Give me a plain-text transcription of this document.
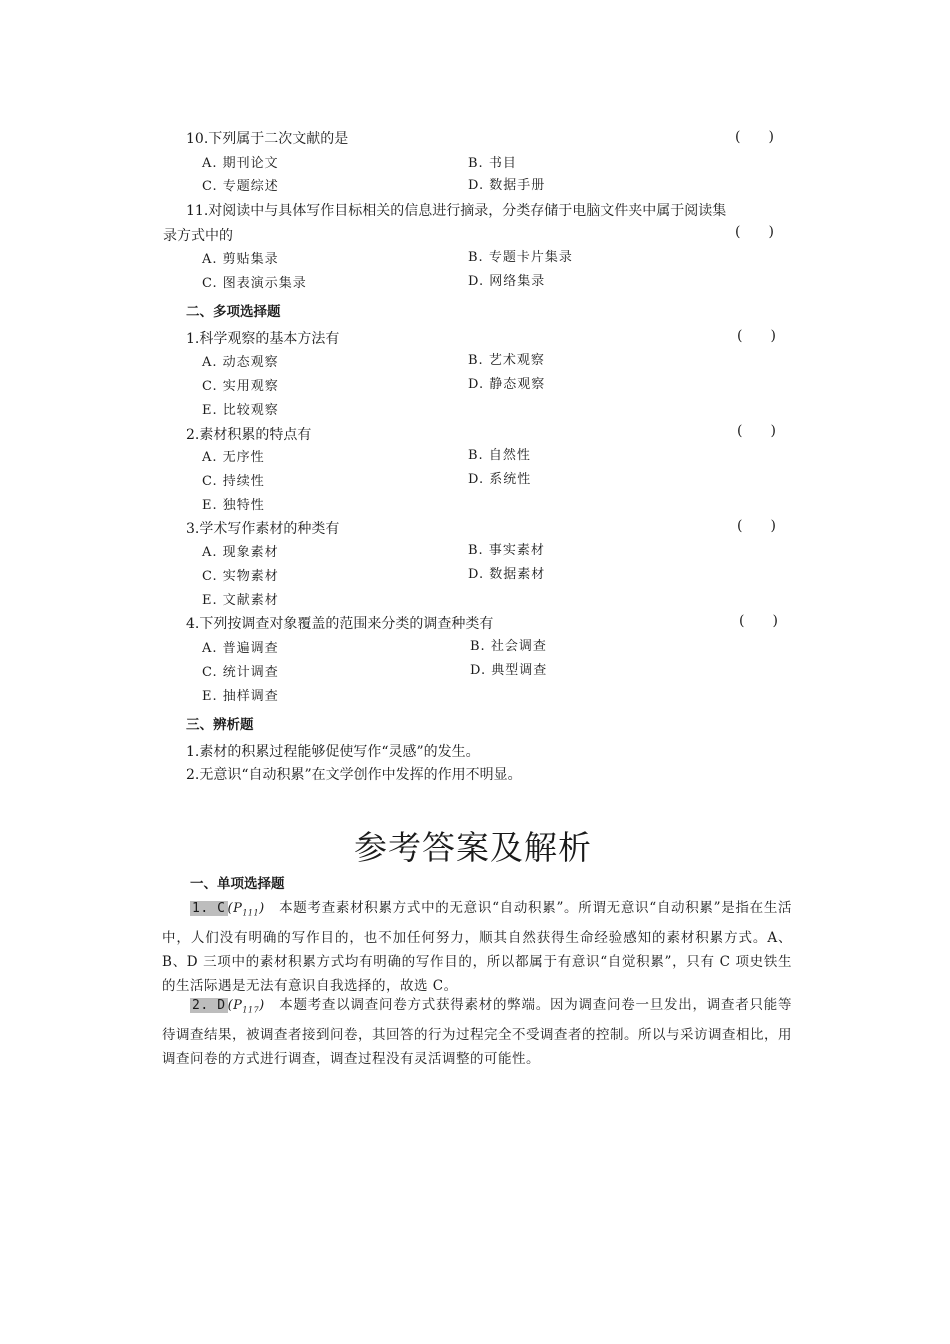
10.下列属于二次文献的是	(　　)
A. 期刊论文	B. 书目
C. 专题综述	D. 数据手册
11.对阅读中与具体写作目标相关的信息进行摘录，分类存储于电脑文件夹中属于阅读集
录方式中的	(　　)
A. 剪贴集录	B. 专题卡片集录
C. 图表演示集录	D. 网络集录
二、多项选择题
1.科学观察的基本方法有	(　　)
A. 动态观察	B. 艺术观察
C. 实用观察	D. 静态观察
E. 比较观察
2.素材积累的特点有	(　　)
A. 无序性	B. 自然性
C. 持续性	D. 系统性
E. 独特性
3.学术写作素材的种类有	(　　)
A. 现象素材	B. 事实素材
C. 实物素材	D. 数据素材
E. 文献素材
4.下列按调查对象覆盖的范围来分类的调查种类有	(　　)
A. 普遍调查	B. 社会调查
C. 统计调查	D. 典型调查
E. 抽样调查
三、辨析题
1.素材的积累过程能够促使写作“灵感”的发生。
2.无意识“自动积累”在文学创作中发挥的作用不明显。
参考答案及解析
一、单项选择题
1. C $(P_{111})$　 本题考查素材积累方式中的无意识“自动积累”。所谓无意识“自动积累”是指在生活中，人们没有明确的写作目的，也不加任何努力，顺其自然获得生命经验感知的素材积累方式。A、B、D 三项中的素材积累方式均有明确的写作目的，所以都属于有意识“自觉积累”，只有 C 项史铁生的生活际遇是无法有意识自我选择的，故选 C。
2. D $(P_{117})$　 本题考查以调查问卷方式获得素材的弊端。因为调查问卷一旦发出，调查者只能等待调查结果，被调查者接到问卷，其回答的行为过程完全不受调查者的控制。所以与采访调查相比，用调查问卷的方式进行调查，调查过程没有灵活调整的可能性。
